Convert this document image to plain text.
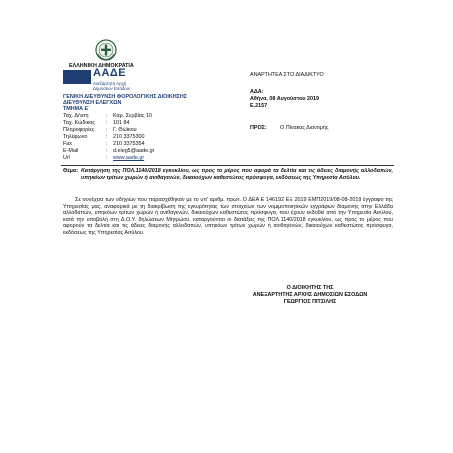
ΕΛΛΗΝΙΚΗ ΔΗΜΟΚΡΑΤΙΑ
ΑΑΔΕ
Ανεξάρτητη Αρχή
Δημοσίων Εσόδων
ΓΕΝΙΚΗ ΔΙΕΥΘΥΝΣΗ ΦΟΡΟΛΟΓΙΚΗΣ ΔΙΟΙΚΗΣΗΣ
ΔΙΕΥΘΥΝΣΗ ΕΛΕΓΧΩΝ
ΤΜΗΜΑ Ε΄
ΑΝΑΡΤΗΤΕΑ ΣΤΟ ΔΙΑΔΙΚΤΥΟ
ΑΔΑ:
Αθήνα, 08 Αυγούστου 2019
Ε.2157
Ταχ. Δ/νση	: Καρ. Σερβίας 10
Ταχ. Κώδικας : 101 84
Πληροφορίες : Γ. Θώϊκου
Τηλέφωνο	: 210 3375300
Fax	: 210 3375354
E-Mail	: d.eleg5@aade.gr
Url	: www.aade.gr
ΠΡΟΣ: Ο Πίνακας Διανομής
Θέμα: Κατάργηση της ΠΟΛ.1140/2018 εγκυκλίου, ως προς το μέρος που αφορά τα δελτία και τις άδειες διαμονής αλλοδαπών, υπηκόων τρίτων χωρών ή ανιθαγενών, δικαιούχων καθεστώτος πρόσφυγα, εκδόσεως της Υπηρεσία Ασύλου.
Σε συνέχεια των οδηγιών που παρασχέθηκαν με το υπ' αριθμ. πρωτ. Ο ΔΕΑ Ε 146192 ΕΞ 2019 ΕΜΠ2019/08-08-2019 έγγραφο της Υπηρεσίας μας, αναφορικά με τη διακρίβωση της εγκυρότητας των στοιχείων των νομιμοποιητικών εγγράφων διαμονής στην Ελλάδα αλλοδαπών, υπηκόων τρίτων χωρών ή ανιθαγενών, δικαιούχων καθεστώτος πρόσφυγα, που έχουν εκδοθεί από την Υπηρεσία Ασύλου, κατά την υποβολή στη Δ.Ο.Υ. δηλώσεων Μητρώου, καταργούνται οι διατάξεις της ΠΟΛ.1140/2018 εγκυκλίου, ως προς το μέρος που αφορούν τα δελτία και τις άδειες διαμονής αλλοδαπών, υπηκόων τρίτων χωρών ή ανιθαγενών, δικαιούχων καθεστώτος πρόσφυγα, εκδόσεως της Υπηρεσίας Ασύλου.
Ο ΔΙΟΙΚΗΤΗΣ ΤΗΣ
ΑΝΕΞΑΡΤΗΤΗΣ ΑΡΧΗΣ ΔΗΜΟΣΙΩΝ ΕΣΟΔΩΝ
ΓΕΩΡΓΙΟΣ ΠΙΤΣΙΛΗΣ
